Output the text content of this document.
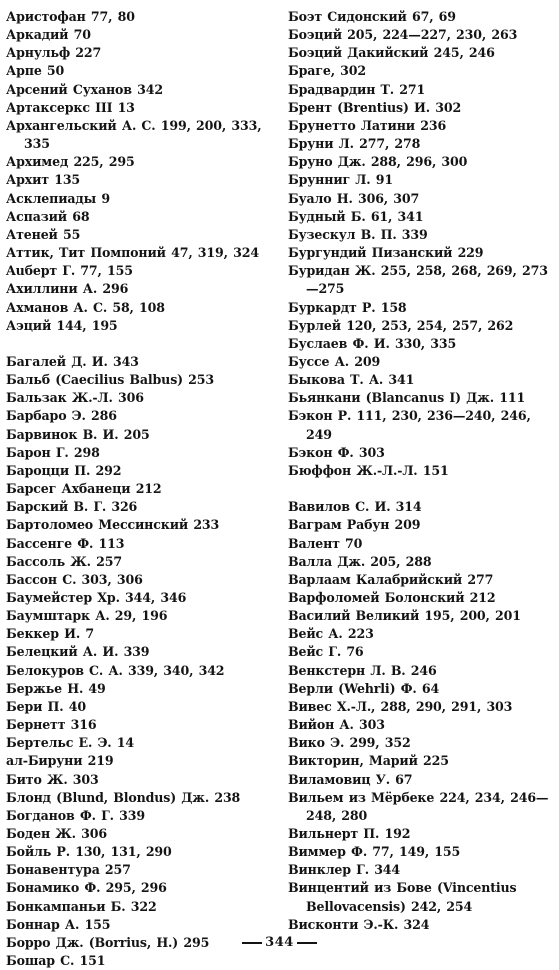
Аристофан 77, 80
Аркадий 70
Арнульф 227
Арпе 50
Арсений Суханов 342
Артаксеркс III 13
Архангельский А. С. 199, 200, 333, 335
Архимед 225, 295
Архит 135
Асклепиады 9
Аспазий 68
Атеней 55
Аттик, Тит Помпоний 47, 319, 324
Auберт Г. 77, 155
Ахиллини А. 296
Ахманов А. С. 58, 108
Аэций 144, 195
Багалей Д. И. 343
Бальб (Caecilius Balbus) 253
Бальзак Ж.-Л. 306
Барбаро Э. 286
Барвинок В. И. 205
Барон Г. 298
Бароцци П. 292
Барсег Ахбанеци 212
Барский В. Г. 326
Бартоломео Мессинский 233
Бассенге Ф. 113
Бассоль Ж. 257
Бассон С. 303, 306
Баумейстер Хр. 344, 346
Баумштарк А. 29, 196
Беккер И. 7
Белецкий А. И. 339
Белокуров С. А. 339, 340, 342
Бержье Н. 49
Бери П. 40
Бернетт 316
Бертельс Е. Э. 14
ал-Бируни 219
Бито Ж. 303
Блонд (Blund, Blondus) Дж. 238
Богданов Ф. Г. 339
Боден Ж. 306
Бойль Р. 130, 131, 290
Бонавентура 257
Бонамико Ф. 295, 296
Бонкампаньи Б. 322
Боннар А. 155
Борро Дж. (Borrius, H.) 295
Бошар С. 151
Боэт Сидонский 67, 69
Боэций 205, 224—227, 230, 263
Боэций Дакийский 245, 246
Браге, 302
Брадвардин Т. 271
Брент (Brentius) И. 302
Брунетто Латини 236
Бруни Л. 277, 278
Бруно Дж. 288, 296, 300
Брунниг Л. 91
Буало Н. 306, 307
Будный Б. 61, 341
Бузескул В. П. 339
Бургундий Пизанский 229
Буридан Ж. 255, 258, 268, 269, 273—275
Буркардт Р. 158
Бурлей 120, 253, 254, 257, 262
Буслаев Ф. И. 330, 335
Буссе А. 209
Быкова Т. А. 341
Бьянкани (Blancanus I) Дж. 111
Бэкон Р. 111, 230, 236—240, 246, 249
Бэкон Ф. 303
Бюффон Ж.-Л.-Л. 151
Вавилов С. И. 314
Ваграм Рабун 209
Валент 70
Валла Дж. 205, 288
Варлаам Калабрийский 277
Варфоломей Болонский 212
Василий Великий 195, 200, 201
Вейс А. 223
Вейс Г. 76
Венкстерн Л. В. 246
Верли (Wehrli) Ф. 64
Вивес Х.-Л., 288, 290, 291, 303
Вийон А. 303
Вико Э. 299, 352
Викторин, Марий 225
Виламовиц У. 67
Вильем из Мёрбеке 224, 234, 246—248, 280
Вильнерт П. 192
Виммер Ф. 77, 149, 155
Винклер Г. 344
Винцентий из Бове (Vincentius Bellovacensis) 242, 254
Висконти Э.-К. 324
344
